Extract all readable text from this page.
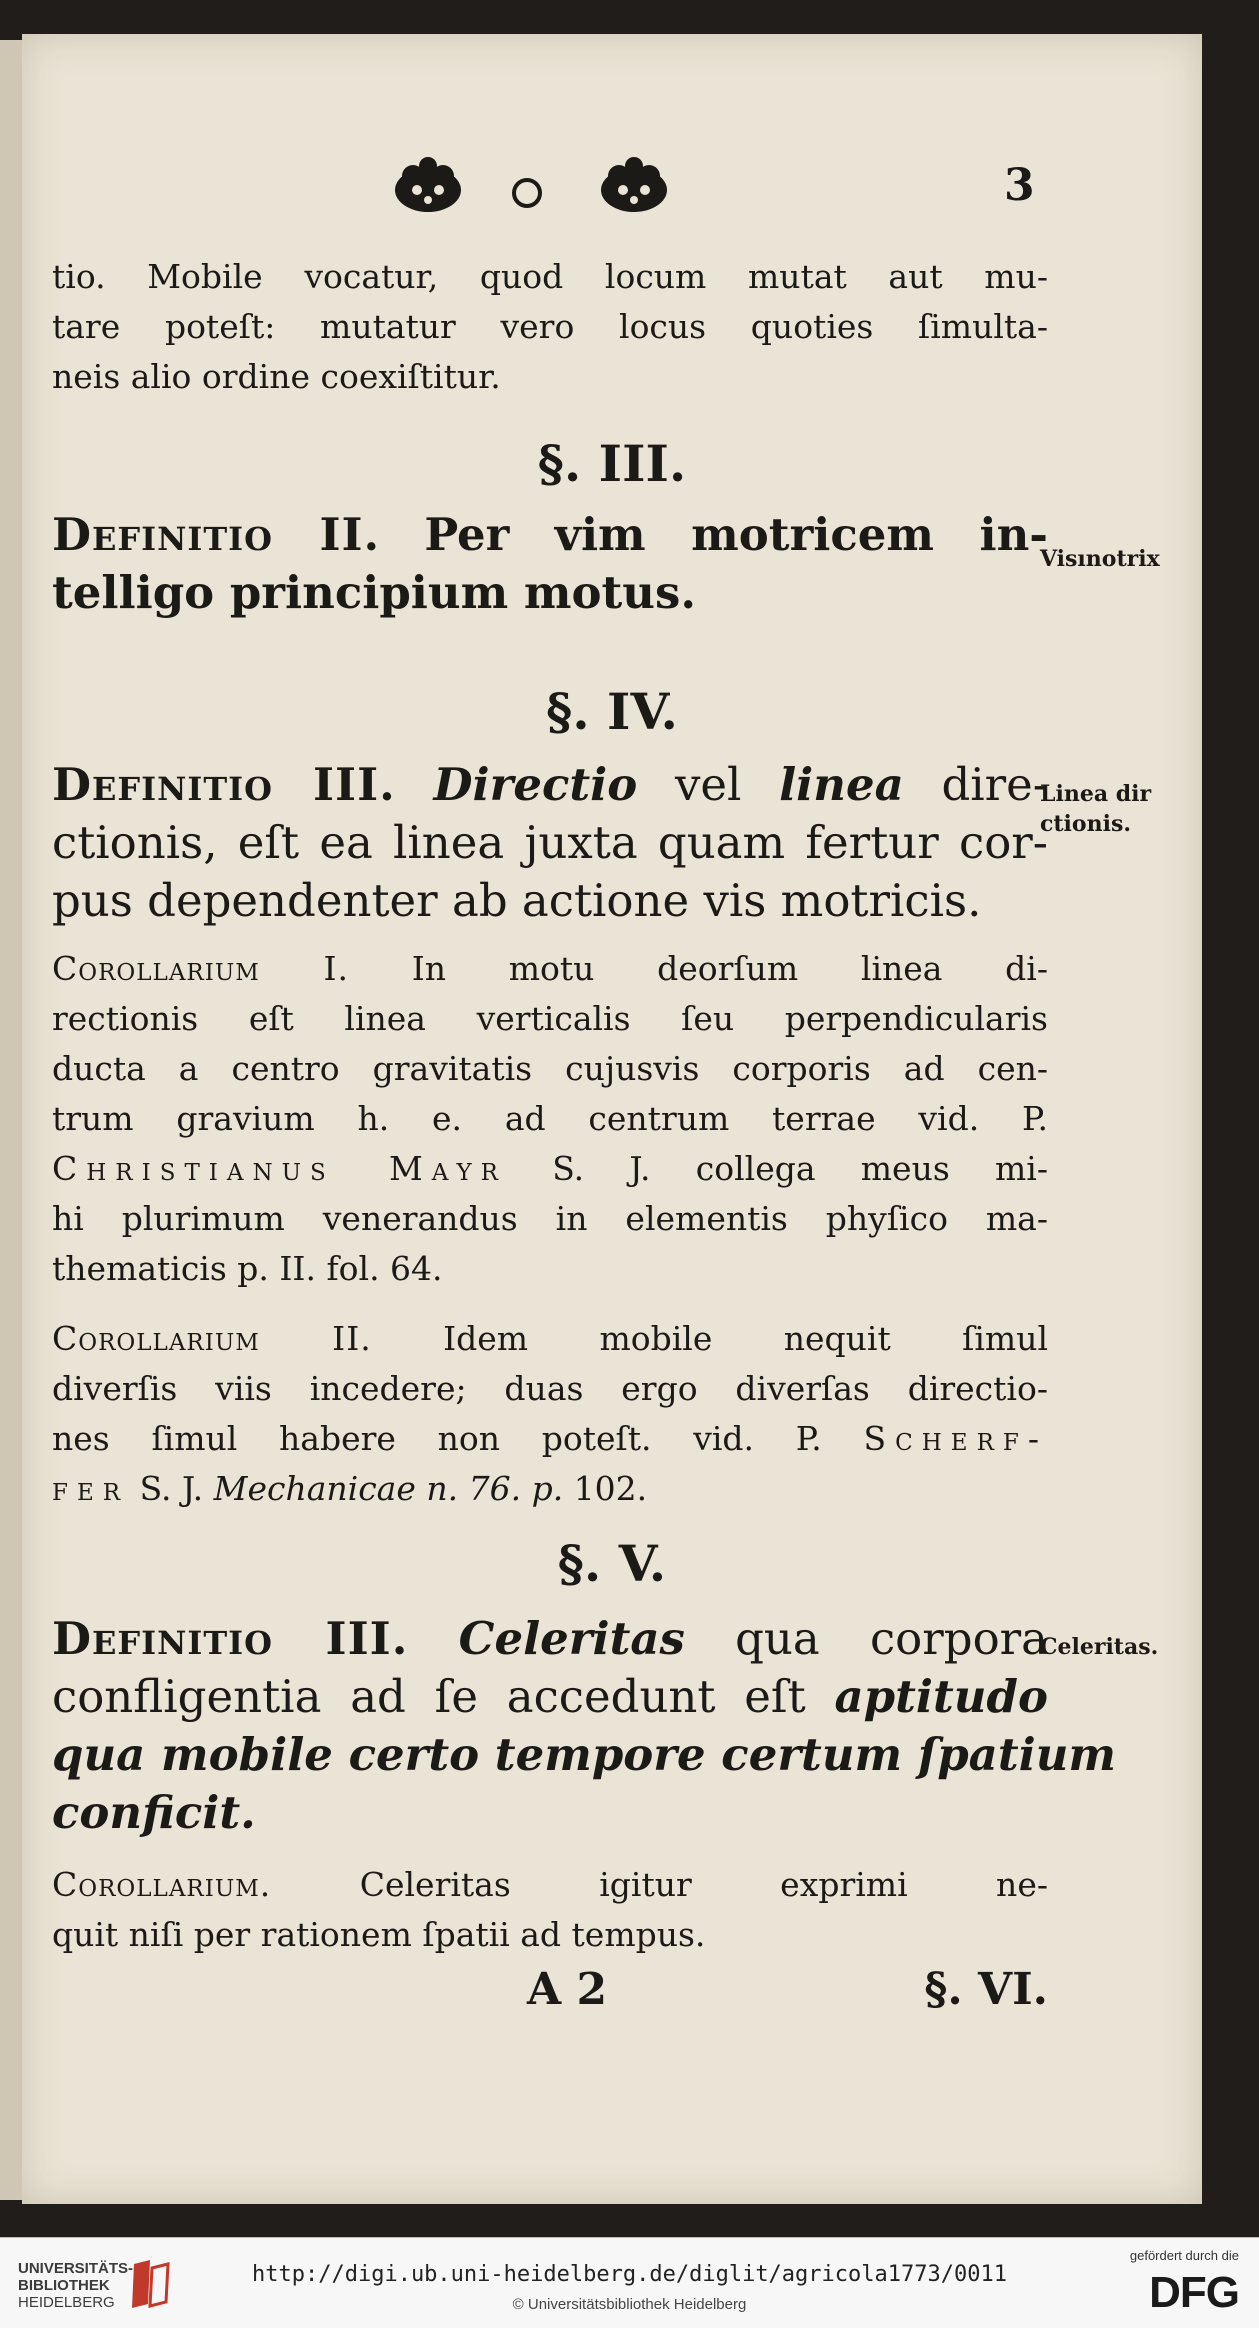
3
tio. Mobile vocatur, quod locum mutat aut mu-
tare poteſt: mutatur vero locus quoties ſimulta-
neis alio ordine coexiſtitur.
§. III.
Definitio II. Per vim motricem in-
telligo principium motus.
§. IV.
Definitio III. Directio vel linea dire-
ctionis, eſt ea linea juxta quam fertur cor-
pus dependenter ab actione vis motricis.
Corollarium I. In motu deorſum linea di-
rectionis eſt linea verticalis ſeu perpendicularis
ducta a centro gravitatis cujusvis corporis ad cen-
trum gravium h. e. ad centrum terrae vid. P.
Christianus Mayr S. J. collega meus mi-
hi plurimum venerandus in elementis phyſico ma-
thematicis p. II. fol. 64.
Corollarium II. Idem mobile nequit ſimul
diverſis viis incedere; duas ergo diverſas directio-
nes ſimul habere non poteſt. vid. P. Scherf-
fer S. J. Mechanicae n. 76. p. 102.
§. V.
Definitio III. Celeritas qua corpora
confligentia ad ſe accedunt eſt aptitudo
qua mobile certo tempore certum ſpatium
conficit.
Corollarium.	Celeritas igitur exprimi ne-
quit niſi per rationem ſpatii ad tempus.
A 2	§. VI.
Visınotrix
Linea dir
ctionis.
Celeritas.
UNIVERSITÄTS-
BIBLIOTHEK
HEIDELBERG
http://digi.ub.uni-heidelberg.de/diglit/agricola1773/0011
© Universitätsbibliothek Heidelberg
gefördert durch die
DFG
